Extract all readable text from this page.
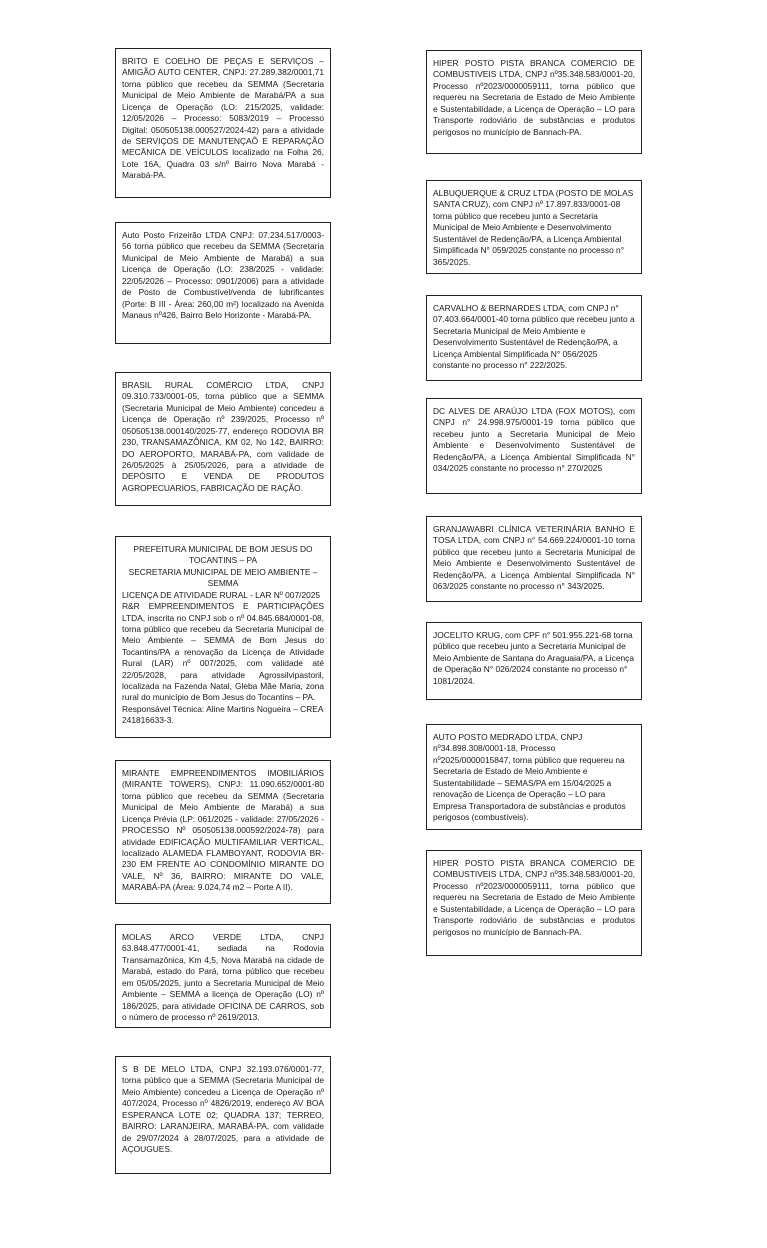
BRITO E COELHO DE PEÇAS E SERVIÇOS – AMIGÃO AUTO CENTER, CNPJ: 27.289.382/0001,71 torna público que recebeu da SEMMA (Secretaria Municipal de Meio Ambiente de Marabá/PA a sua Licença de Operação (LO: 215/2025, validade: 12/05/2026 – Processo: 5083/2019 – Processo Digital: 050505138.000527/2024-42) para a atividade de SERVIÇOS DE MANUTENÇAÕ E REPARAÇÃO MECÂNICA DE VEÍCULOS localizado na Folha 26, Lote 16A, Quadra 03 s/nº Bairro Nova Marabá - Marabá-PA.

Auto Posto Frizeirão LTDA CNPJ: 07.234.517/0003-56 torna público que recebeu da SEMMA (Secretaria Municipal de Meio Ambiente de Marabá) a sua Licença de Operação (LO: 238/2025 - validade: 22/05/2026 – Processo: 0901/2006) para a atividade de Posto de Combustível/venda de lubrificantes (Porte: B III - Área: 260,00 m²) localizado na Avenida Manaus nº426, Bairro Belo Horizonte - Marabá-PA.

BRASIL RURAL COMÉRCIO LTDA, CNPJ 09.310.733/0001-05, torna público que a SEMMA (Secretaria Municipal de Meio Ambiente) concedeu a Licença de Operação nº 239/2025, Processo nº 050505138.000140/2025-77, endereço RODOVIA BR 230, TRANSAMAZÔNICA, KM 02, No 142, BAIRRO: DO AEROPORTO, MARABÁ-PA, com validade de 26/05/2025 à 25/05/2026, para a atividade de DEPÓSITO E VENDA DE PRODUTOS AGROPECUARIOS, FABRICAÇÃO DE RAÇÃO.

PREFEITURA MUNICIPAL DE BOM JESUS DO TOCANTINS – PA

SECRETARIA MUNICIPAL DE MEIO AMBIENTE – SEMMA

LICENÇA DE ATIVIDADE RURAL - LAR Nº 007/2025

R&R EMPREENDIMENTOS E PARTICIPAÇÕES LTDA, inscrita no CNPJ sob o nº 04.845.684/0001-08, torna público que recebeu da Secretaria Municipal de Meio Ambiente – SEMMA de Bom Jesus do Tocantins/PA a renovação da Licença de Atividade Rural (LAR) nº 007/2025, com validade até 22/05/2028, para atividade Agrossilvipastoril, localizada na Fazenda Natal, Gleba Mãe Maria, zona rural do município de Bom Jesus do Tocantins – PA.

Responsável Técnica: Aline Martins Nogueira – CREA 241816633-3.

MIRANTE EMPREENDIMENTOS IMOBILIÁRIOS (MIRANTE TOWERS), CNPJ: 11.090.652/0001-80 torna público que recebeu da SEMMA (Secretaria Municipal de Meio Ambiente de Marabá) a sua Licença Prévia (LP: 061/2025 - validade: 27/05/2026 - PROCESSO Nº 050505138.000592/2024-78) para atividade EDIFICAÇÃO MULTIFAMILIAR VERTICAL, localizado ALAMEDA FLAMBOYANT, RODOVIA BR-230 EM FRENTE AO CONDOMÍNIO MIRANTE DO VALE, Nº 36, BAIRRO: MIRANTE DO VALE, MARABÁ-PA (Área: 9.024,74 m2 – Porte A II).

MOLAS ARCO VERDE LTDA, CNPJ 63.848.477/0001-41, sediada na Rodovia Transamazônica, Km 4,5, Nova Marabá na cidade de Marabá, estado do Pará, torna público que recebeu em 05/05/2025, junto a Secretaria Municipal de Meio Ambiente – SEMMA a licença de Operação (LO) nº 186/2025, para atividade OFICINA DE CARROS, sob o número de processo nº 2619/2013.

S B DE MELO LTDA, CNPJ 32.193.076/0001-77, torna público que a SEMMA (Secretaria Municipal de Meio Ambiente) concedeu a Licença de Operação nº 407/2024, Processo nº 4826/2019, endereço AV BOA ESPERANCA LOTE 02; QUADRA 137; TERREO, BAIRRO: LARANJEIRA, MARABÁ-PA, com validade de 29/07/2024 à 28/07/2025, para a atividade de AÇOUGUES.

HIPER POSTO PISTA BRANCA COMERCIO DE COMBUSTIVEIS LTDA, CNPJ nº35.348.583/0001-20, Processo nº2023/0000059111, torna público que requereu na Secretaria de Estado de Meio Ambiente e Sustentabilidade, a Licença de Operação – LO para Transporte rodoviário de substâncias e produtos perigosos no município de Bannach-PA.

ALBUQUERQUE & CRUZ LTDA (POSTO DE MOLAS SANTA CRUZ), com CNPJ nº 17.897.833/0001-08 torna público que recebeu junto a Secretaria Municipal de Meio Ambiente e Desenvolvimento Sustentável de Redenção/PA, a Licença Ambiental Simplificada N° 059/2025 constante no processo n° 365/2025.

CARVALHO & BERNARDES LTDA, com CNPJ n° 07.403.664/0001-40 torna público que recebeu junto a Secretaria Municipal de Meio Ambiente e Desenvolvimento Sustentável de Redenção/PA, a Licença Ambiental Simplificada N° 056/2025 constante no processo n° 222/2025.

DC ALVES DE ARAÚJO LTDA (FOX MOTOS), com CNPJ n° 24.998.975/0001-19 torna público que recebeu junto a Secretaria Municipal de Meio Ambiente e Desenvolvimento Sustentável de Redenção/PA, a Licença Ambiental Simplificada N° 034/2025 constante no processo n° 270/2025

GRANJAWABRI CLÍNICA VETERINÁRIA BANHO E TOSA LTDA, com CNPJ n° 54.669.224/0001-10 torna público que recebeu junto a Secretaria Municipal de Meio Ambiente e Desenvolvimento Sustentável de Redenção/PA, a Licença Ambiental Simplificada N° 063/2025 constante no processo n° 343/2025.

JOCELITO KRUG, com CPF n° 501.955.221-68 torna público que recebeu junto a Secretaria Municipal de Meio Ambiente de Santana do Araguaia/PA, a Licença de Operação N° 026/2024 constante no processo n° 1081/2024.

AUTO POSTO MEDRADO LTDA, CNPJ nº34.898.308/0001-18, Processo nº2025/0000015847, torna público que requereu na Secretaria de Estado de Meio Ambiente e Sustentabilidade – SEMAS/PA em 15/04/2025 a renovação de Licença de Operação – LO para Empresa Transportadora de substâncias e produtos perigosos (combustíveis).

HIPER POSTO PISTA BRANCA COMERCIO DE COMBUSTIVEIS LTDA, CNPJ nº35.348.583/0001-20, Processo nº2023/0000059111, torna público que requereu na Secretaria de Estado de Meio Ambiente e Sustentabilidade, a Licença de Operação – LO para Transporte rodoviário de substâncias e produtos perigosos no município de Bannach-PA.
